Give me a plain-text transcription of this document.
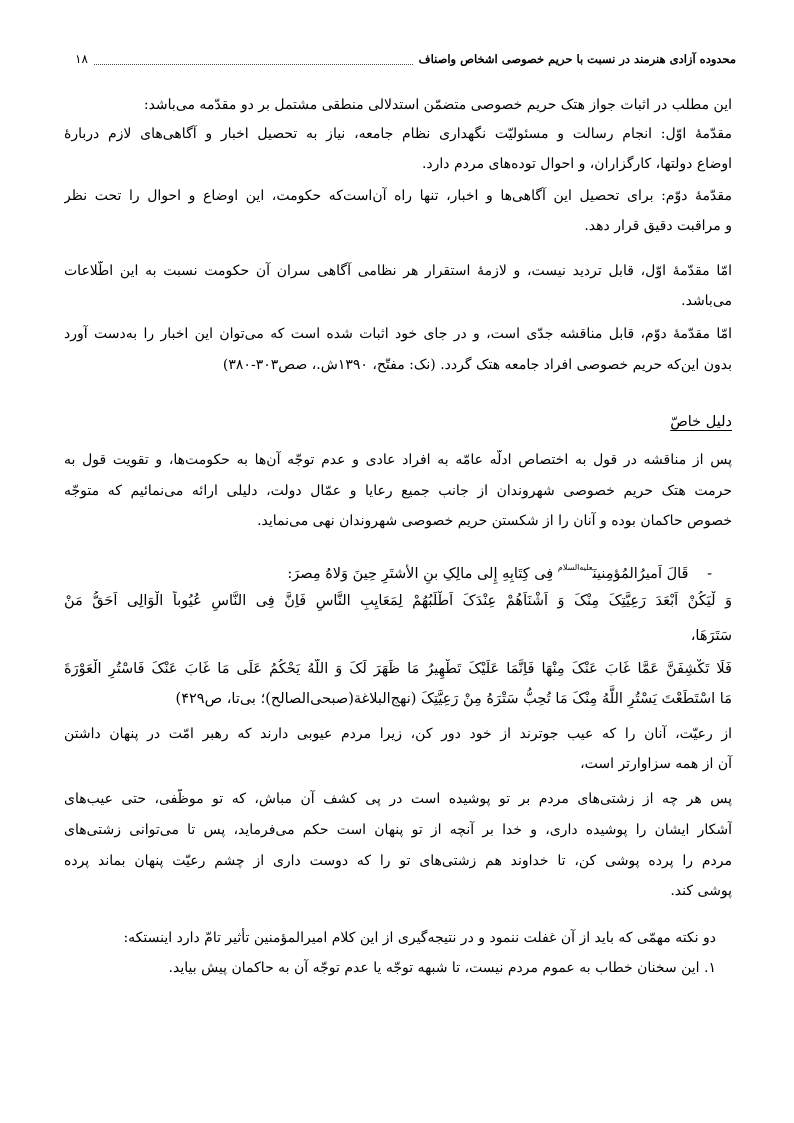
محدوده آزادی هنرمند در نسبت با حریم خصوصی اشخاص واصناف
۱۸
این مطلب در اثبات جواز هتک حریم خصوصی متضمّن استدلالی منطقی مشتمل بر دو مقدّمه می‌باشد:
مقدّمهٔ اوّل: انجام رسالت و مسئولیّت نگهداری نظام جامعه، نیاز به تحصیل اخبار و آگاهی‌های لازم دربارهٔ
اوضاع دولتها، کارگزاران، و احوال توده‌های مردم دارد.
مقدّمهٔ دوّم: برای تحصیل این آگاهی‌ها و اخبار، تنها راه آن‌است‌که حکومت، این اوضاع و احوال را تحت نظر
و مراقبت دقیق قرار دهد.
امّا مقدّمهٔ اوّل، قابل تردید نیست، و لازمهٔ استقرار هر نظامی آگاهی سران آن حکومت نسبت به این اطّلاعات
می‌باشد.
امّا مقدّمهٔ دوّم، قابل مناقشه جدّی است، و در جای خود اثبات شده است که می‌توان این اخبار را به‌دست آورد
بدون این‌که حریم خصوصی افراد جامعه هتک گردد. (نک: مفتّح، ۱۳۹۰ش.، صص۳۰۳-۳۸۰)
دلیل خاصّ
پس از مناقشه در قول به اختصاص ادلّه عامّه به افراد عادی و عدم توجّه آن‌ها به حکومت‌ها، و تقویت قول به
حرمت هتک حریم خصوصی شهروندان از جانب جمیع رعایا و عمّال دولت، دلیلی ارائه می‌نمائیم که متوجّه
خصوص حاکمان بوده و آنان را از شکستن حریم خصوصی شهروندان نهی می‌نماید.
- قَالَ اَمیرُالمُؤمِنینَ$^{علیه‌السلام}$ فِی کِتَابِهِ إِلی مالِکِ بنِ الأشتَرِ حِینَ وَلاهُ مِصرَ:
وَ لْیَکُنْ اَبْعَدَ رَعِیَّتِکَ مِنْکَ وَ اَشْنَاَهُمْ عِنْدَکَ اَطْلَبُهُمْ لِمَعَایِبِ النَّاسِ فَاِنَّ فِی النَّاسِ عُیُوباً الْوَالِی اَحَقُّ مَنْ
سَتَرَهَا،
فَلَا تَکْشِفَنَّ عَمَّا غَابَ عَنْکَ مِنْهَا فَاِنَّمَا عَلَیْکَ تَطْهِیرُ مَا ظَهَرَ لَکَ وَ اللَّهُ یَحْکُمُ عَلَی مَا غَابَ عَنْکَ فَاسْتُرِ الْعَوْرَةَ
مَا اسْتَطَعْتَ یَسْتُرِ اللَّهُ مِنْکَ مَا تُحِبُّ سَتْرَهُ مِنْ رَعِیَّتِکَ (نهج‌البلاغة(صبحی‌الصالح)؛ بی‌تا، ص۴۲۹)
از رعیّت، آنان را که عیب جوترند از خود دور کن، زیرا مردم عیوبی دارند که رهبر امّت در پنهان داشتن
آن از همه سزاوارتر است،
پس هر چه از زشتی‌های مردم بر تو پوشیده است در پی کشف آن مباش، که تو موظّفی، حتی عیب‌های
آشکار ایشان را پوشیده داری، و خدا بر آنچه از تو پنهان است حکم می‌فرماید، پس تا می‌توانی زشتی‌های
مردم را پرده پوشی کن، تا خداوند هم زشتی‌های تو را که دوست داری از چشم رعیّت پنهان بماند پرده
پوشی کند.
دو نکته مهمّی که باید از آن غفلت ننمود و در نتیجه‌گیری از این کلام امیرالمؤمنین تأثیر تامّ دارد اینستکه:
۱. این سخنان خطاب به عموم مردم نیست، تا شبهه توجّه یا عدم توجّه آن به حاکمان پیش بیاید.
